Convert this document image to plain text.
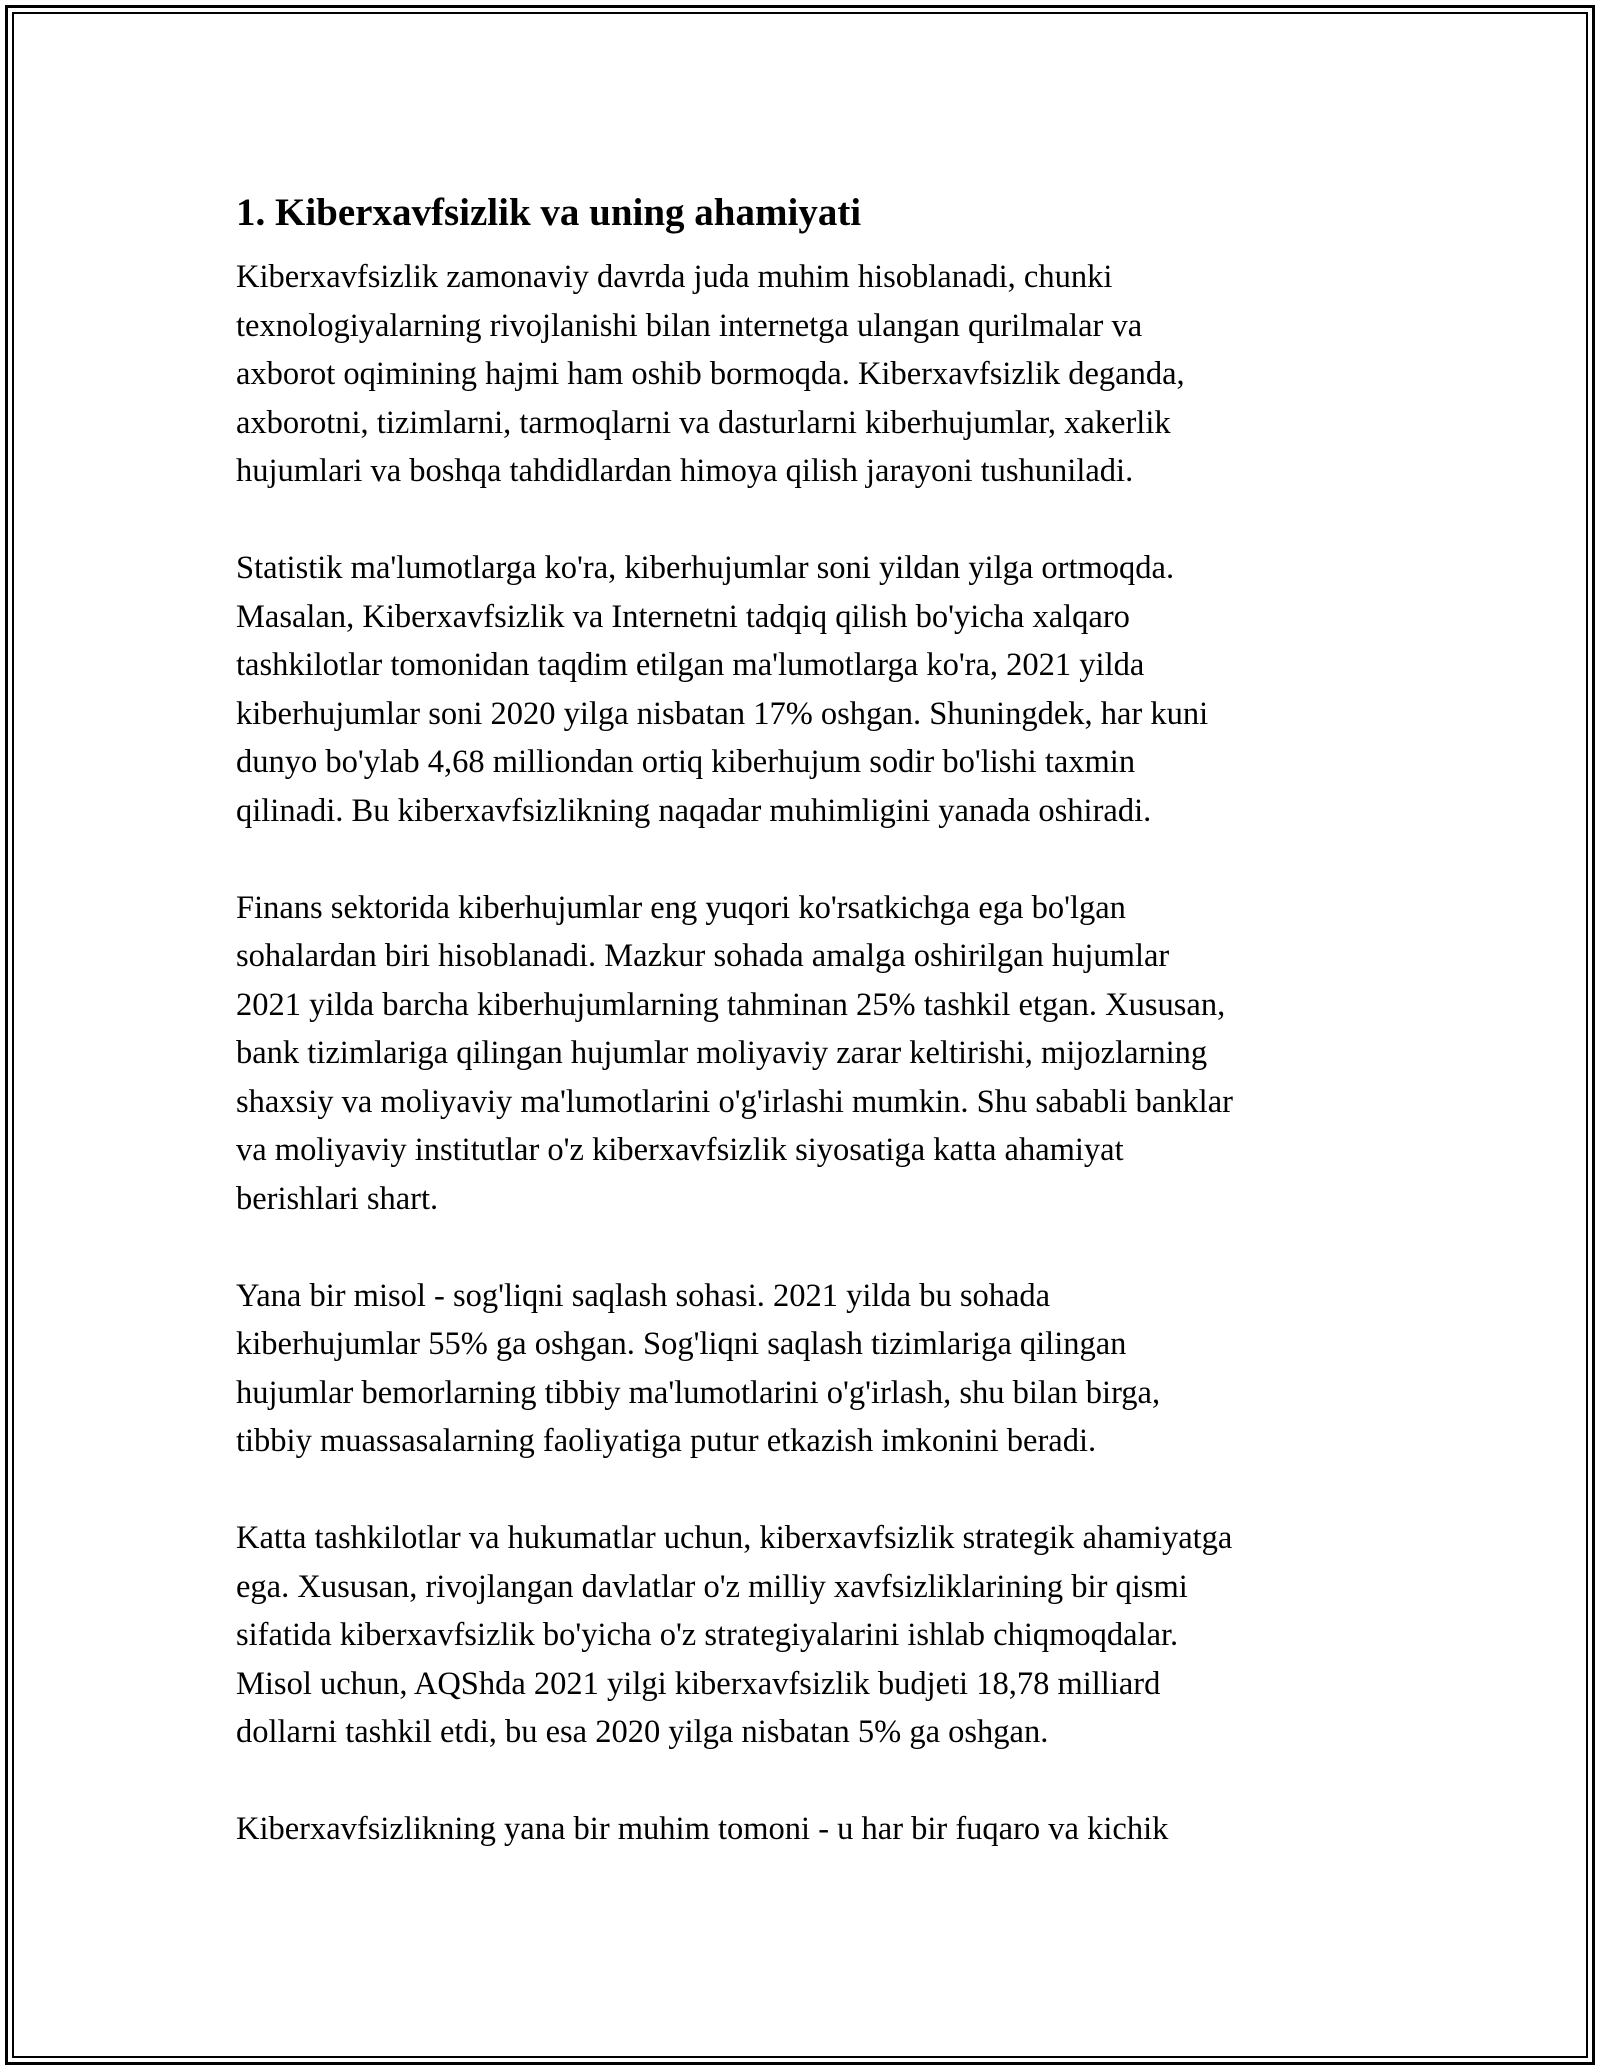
1. Kiberxavfsizlik va uning ahamiyati

Kiberxavfsizlik zamonaviy davrda juda muhim hisoblanadi, chunki
texnologiyalarning rivojlanishi bilan internetga ulangan qurilmalar va
axborot oqimining hajmi ham oshib bormoqda. Kiberxavfsizlik deganda,
axborotni, tizimlarni, tarmoqlarni va dasturlarni kiberhujumlar, xakerlik
hujumlari va boshqa tahdidlardan himoya qilish jarayoni tushuniladi.

Statistik ma'lumotlarga ko'ra, kiberhujumlar soni yildan yilga ortmoqda.
Masalan, Kiberxavfsizlik va Internetni tadqiq qilish bo'yicha xalqaro
tashkilotlar tomonidan taqdim etilgan ma'lumotlarga ko'ra, 2021 yilda
kiberhujumlar soni 2020 yilga nisbatan 17% oshgan. Shuningdek, har kuni
dunyo bo'ylab 4,68 milliondan ortiq kiberhujum sodir bo'lishi taxmin
qilinadi. Bu kiberxavfsizlikning naqadar muhimligini yanada oshiradi.

Finans sektorida kiberhujumlar eng yuqori ko'rsatkichga ega bo'lgan
sohalardan biri hisoblanadi. Mazkur sohada amalga oshirilgan hujumlar
2021 yilda barcha kiberhujumlarning tahminan 25% tashkil etgan. Xususan,
bank tizimlariga qilingan hujumlar moliyaviy zarar keltirishi, mijozlarning
shaxsiy va moliyaviy ma'lumotlarini o'g'irlashi mumkin. Shu sababli banklar
va moliyaviy institutlar o'z kiberxavfsizlik siyosatiga katta ahamiyat
berishlari shart.

Yana bir misol - sog'liqni saqlash sohasi. 2021 yilda bu sohada
kiberhujumlar 55% ga oshgan. Sog'liqni saqlash tizimlariga qilingan
hujumlar bemorlarning tibbiy ma'lumotlarini o'g'irlash, shu bilan birga,
tibbiy muassasalarning faoliyatiga putur etkazish imkonini beradi.

Katta tashkilotlar va hukumatlar uchun, kiberxavfsizlik strategik ahamiyatga
ega. Xususan, rivojlangan davlatlar o'z milliy xavfsizliklarining bir qismi
sifatida kiberxavfsizlik bo'yicha o'z strategiyalarini ishlab chiqmoqdalar.
Misol uchun, AQShda 2021 yilgi kiberxavfsizlik budjeti 18,78 milliard
dollarni tashkil etdi, bu esa 2020 yilga nisbatan 5% ga oshgan.

Kiberxavfsizlikning yana bir muhim tomoni - u har bir fuqaro va kichik
